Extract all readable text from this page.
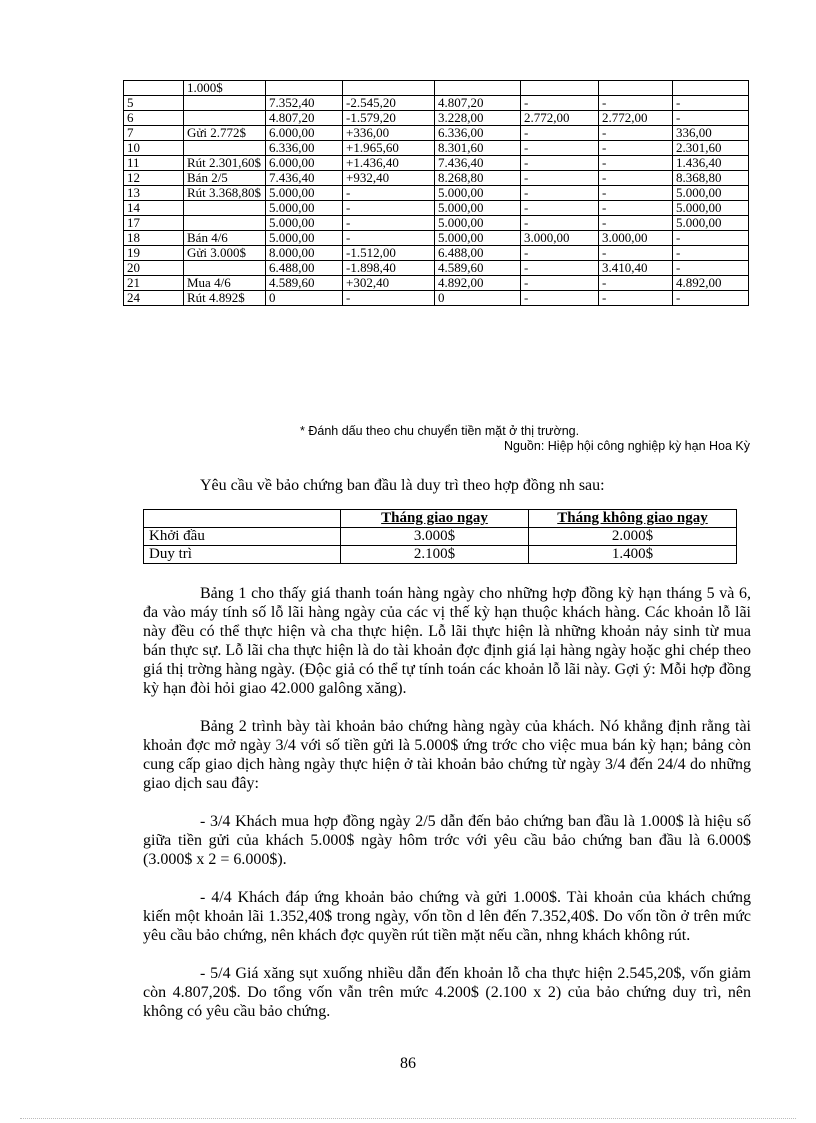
	1.000$						
5		7.352,40	-2.545,20	4.807,20	-	-	-
6		4.807,20	-1.579,20	3.228,00	2.772,00	2.772,00	-
7	Gửi 2.772$	6.000,00	+336,00	6.336,00	-	-	336,00
10		6.336,00	+1.965,60	8.301,60	-	-	2.301,60
11	Rút 2.301,60$	6.000,00	+1.436,40	7.436,40	-	-	1.436,40
12	Bán 2/5	7.436,40	+932,40	8.268,80	-	-	8.368,80
13	Rút 3.368,80$	5.000,00	-	5.000,00	-	-	5.000,00
14		5.000,00	-	5.000,00	-	-	5.000,00
17		5.000,00	-	5.000,00	-	-	5.000,00
18	Bán 4/6	5.000,00	-	5.000,00	3.000,00	3.000,00	-
19	Gửi 3.000$	8.000,00	-1.512,00	6.488,00	-	-	-
20		6.488,00	-1.898,40	4.589,60	-	3.410,40	-
21	Mua 4/6	4.589,60	+302,40	4.892,00	-	-	4.892,00
24	Rút 4.892$	0	-	0	-	-	-
* Đánh dấu theo chu chuyển tiền mặt ở thị trường.
Nguồn: Hiệp hội công nghiệp kỳ hạn Hoa Kỳ
Yêu cầu về bảo chứng ban đầu là duy trì theo hợp đồng nh sau:
	Tháng giao ngay	Tháng không giao ngay
Khởi đầu	3.000$	2.000$
Duy trì	2.100$	1.400$

Bảng 1 cho thấy giá thanh toán hàng ngày cho những hợp đồng kỳ hạn tháng 5 và 6, đa vào máy tính số lỗ lãi hàng ngày của các vị thế kỳ hạn thuộc khách hàng. Các khoản lỗ lãi này đều có thể thực hiện và cha thực hiện. Lỗ lãi thực hiện là những khoản nảy sinh từ mua bán thực sự. Lỗ lãi cha thực hiện là do tài khoản đợc định giá lại hàng ngày hoặc ghi chép theo giá thị trờng hàng ngày. (Độc giả có thể tự tính toán các khoản lỗ lãi này. Gợi ý: Mỗi hợp đồng kỳ hạn đòi hỏi giao 42.000 galông xăng).

Bảng 2 trình bày tài khoản bảo chứng hàng ngày của khách. Nó khẳng định rằng tài khoản đợc mở ngày 3/4 với số tiền gửi là 5.000$ ứng trớc cho việc mua bán kỳ hạn; bảng còn cung cấp giao dịch hàng ngày thực hiện ở tài khoản bảo chứng từ ngày 3/4 đến 24/4 do những giao dịch sau đây:

- 3/4 Khách mua hợp đồng ngày 2/5 dẫn đến bảo chứng ban đầu là 1.000$ là hiệu số giữa tiền gửi của khách 5.000$ ngày hôm trớc với yêu cầu bảo chứng ban đầu là 6.000$ (3.000$ x 2 = 6.000$).

- 4/4 Khách đáp ứng khoản bảo chứng và gửi 1.000$. Tài khoản của khách chứng kiến một khoản lãi 1.352,40$ trong ngày, vốn tồn d lên đến 7.352,40$. Do vốn tồn ở trên mức yêu cầu bảo chứng, nên khách đợc quyền rút tiền mặt nếu cần, nhng khách không rút.

- 5/4 Giá xăng sụt xuống nhiều dẫn đến khoản lỗ cha thực hiện 2.545,20$, vốn giảm còn 4.807,20$. Do tổng vốn vẫn trên mức 4.200$ (2.100 x 2) của bảo chứng duy trì, nên không có yêu cầu bảo chứng.

86
